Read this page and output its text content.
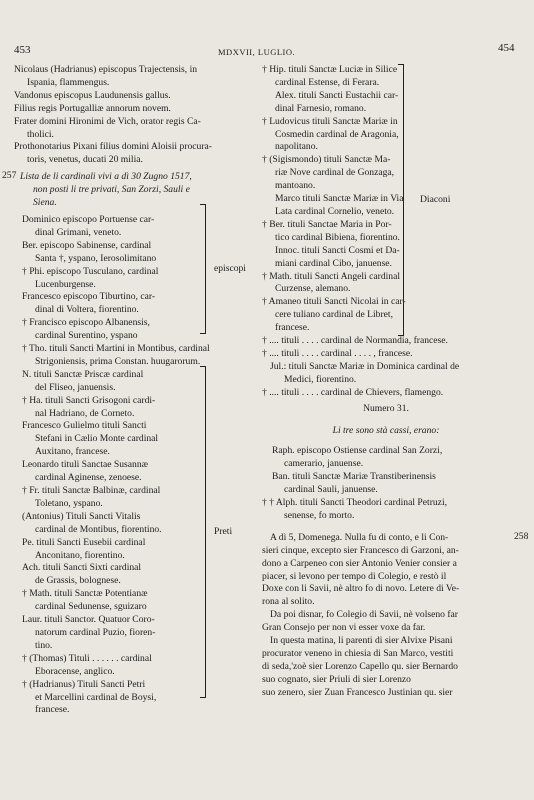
453	MDXVII, LUGLIO.	454
Nicolaus (Hadrianus) episcopus Trajectensis, in
Ispania, flammengus.
Vandonus episcopus Laudunensis gallus.
Filius regis Portugalliæ annorum novem.
Frater domini Hironimi de Vich, orator regis Ca-
tholici.
Prothonotarius Pixani filius domini Aloisii procura-
toris, venetus, ducati 20 milia.
Lista de li cardinali vivi a dì 30 Zugno 1517,
non posti li tre privati, San Zorzi, Sauli e
Siena.
Dominico episcopo Portuense car-
dinal Grimani, veneto.
Ber. episcopo Sabinense, cardinal
Santa †, yspano, Ierosolimitano
† Phi. episcopo Tusculano, cardinal
Lucenburgense.
Francesco episcopo Tiburtino, car-
dinal di Voltera, fiorentino.
† Francisco episcopo Albanensis,
cardinal Surentino, yspano
† Tho. tituli Sancti Martini in Montibus, cardinal
Strigoniensis, prima Constan. huugarorum.
N. tituli Sanctæ Priscæ cardinal
del Fliseo, januensis.
† Ha. tituli Sancti Grisogoni cardi-
nal Hadriano, de Corneto.
Francesco Gulielmo tituli Sancti
Stefani in Cælio Monte cardinal
Auxitano, francese.
Leonardo tituli Sanctae Susannæ
cardinal Aginense, zenoese.
† Fr. tituli Sanctæ Balbinæ, cardinal
Toletano, yspano.
(Antonius) Tituli Sancti Vitalis
cardinal de Montibus, fiorentino.
Pe. tituli Sancti Eusebii cardinal
Anconitano, fiorentino.
Ach. tituli Sancti Sixti cardinal
de Grassis, bolognese.
† Math. tituli Sanctæ Potentianæ
cardinal Sedunense, sguizaro
Laur. tituli Sanctor. Quatuor Coro-
natorum cardinal Puzio, fioren-
tino.
† (Thomas) Tituli . . . . . . cardinal
Eboracense, anglico.
† (Hadrianus) Tituli Sancti Petri
et Marcellini cardinal de Boysi,
francese.
257
episcopi
Preti
† Hip. tituli Sanctæ Luciæ in Silice
cardinal Estense, di Ferara.
Alex. tituli Sancti Eustachii car-
dinal Farnesio, romano.
† Ludovicus tituli Sanctæ Mariæ in
Cosmedin cardinal de Aragonia,
napolitano.
† (Sigismondo) tituli Sanctæ Ma-
riæ Nove cardinal de Gonzaga,
mantoano.
Marco tituli Sanctæ Mariæ in Via
Lata cardinal Cornelio, veneto.
† Ber. tituli Sanctae Maria in Por-
tico cardinal Bibiena, fiorentino.
Innoc. tituli Sancti Cosmi et Da-
miani cardinal Cibo, januense.
† Math. tituli Sancti Angeli cardinal
Curzense, alemano.
† Amaneo tituli Sancti Nicolai in car-
cere tuliano cardinal de Libret,
francese.
† .... tituli . . . . cardinal de Normandia, francese.
† .... tituli . . . . cardinal . . . . , francese.
Jul.: tituli Sanctæ Mariæ in Dominica cardinal de
Medici, fiorentino.
† .... tituli . . . . cardinal de Chievers, flamengo.
Numero 31.
Li tre sono stà cassi, erano:
Raph. episcopo Ostiense cardinal San Zorzi,
camerario, januense.
Ban. tituli Sanctæ Mariæ Transtiberinensis
cardinal Sauli, januense.
† † Alph. tituli Sancti Theodori cardinal Petruzi,
senense, fo morto.
A dì 5, Domenega. Nulla fu di conto, e li Con-
sieri cinque, excepto sier Francesco di Garzoni, an-
dono a Carpeneo con sier Antonio Venier consier a
piacer, si levono per tempo di Colegio, e restò il
Doxe con li Savii, nè altro fo di novo. Letere di Ve-
rona al solito.
Da poi disnar, fo Colegio di Savii, nè volseno far
Gran Consejo per non vi esser voxe da far.
In questa matina, li parenti di sier Alvixe Pisani
procurator veneno in chiesia di San Marco, vestiti
di seda,'zoè sier Lorenzo Capello qu. sier Bernardo
suo cognato, sier Priuli di sier Lorenzo
suo zenero, sier Zuan Francesco Justinian qu. sier
Diaconi
258
